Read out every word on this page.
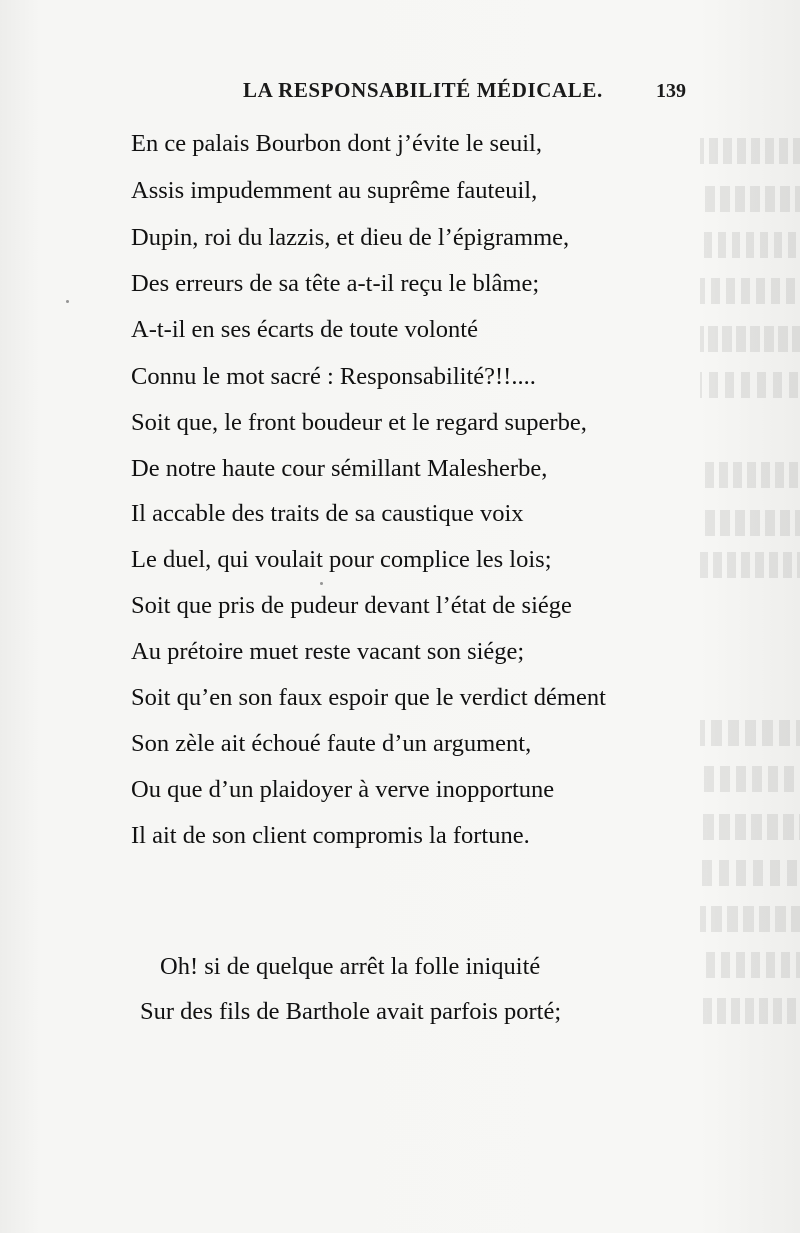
LA RESPONSABILITÉ MÉDICALE.	139
En ce palais Bourbon dont j’évite le seuil,
Assis impudemment au suprême fauteuil,
Dupin, roi du lazzis, et dieu de l’épigramme,
Des erreurs de sa tête a-t-il reçu le blâme;
A-t-il en ses écarts de toute volonté
Connu le mot sacré : Responsabilité?!!....
Soit que, le front boudeur et le regard superbe,
De notre haute cour sémillant Malesherbe,
Il accable des traits de sa caustique voix
Le duel, qui voulait pour complice les lois;
Soit que pris de pudeur devant l’état de siége
Au prétoire muet reste vacant son siége;
Soit qu’en son faux espoir que le verdict dément
Son zèle ait échoué faute d’un argument,
Ou que d’un plaidoyer à verve inopportune
Il ait de son client compromis la fortune.
Oh! si de quelque arrêt la folle iniquité
Sur des fils de Barthole avait parfois porté;
